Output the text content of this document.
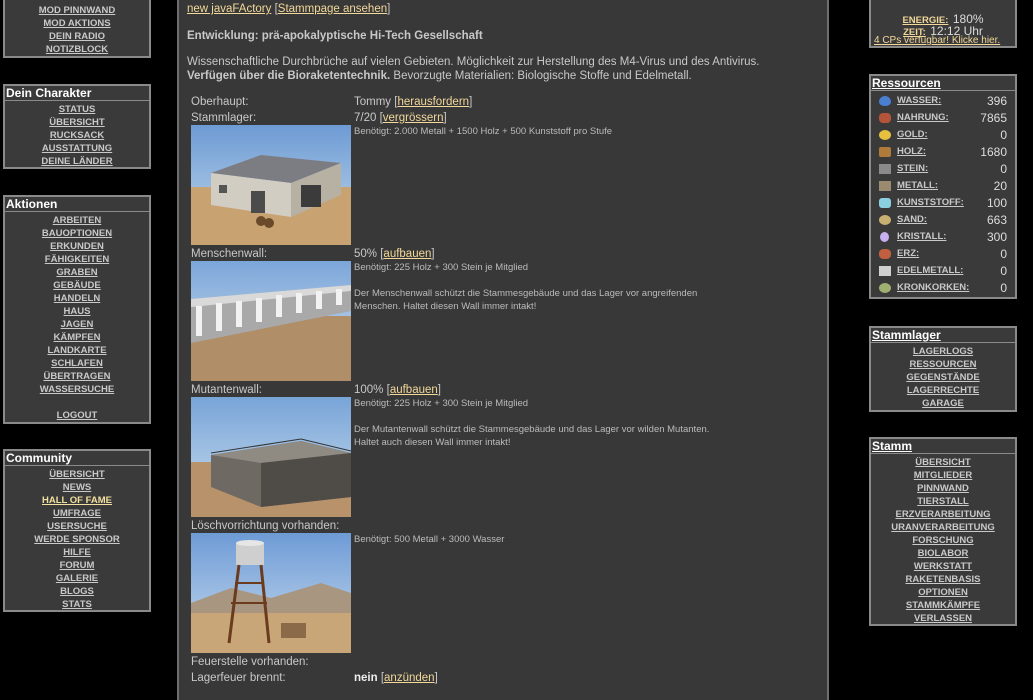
MOD PINNWAND
MOD AKTIONS
DEIN RADIO
NOTIZBLOCK
Dein Charakter
STATUS
ÜBERSICHT
RUCKSACK
AUSSTATTUNG
DEINE LÄNDER
Aktionen
ARBEITEN
BAUOPTIONEN
ERKUNDEN
FÄHIGKEITEN
GRABEN
GEBÄUDE
HANDELN
HAUS
JAGEN
KÄMPFEN
LANDKARTE
SCHLAFEN
ÜBERTRAGEN
WASSERSUCHE
LOGOUT
Community
ÜBERSICHT
NEWS
HALL OF FAME
UMFRAGE
USERSUCHE
WERDE SPONSOR
HILFE
FORUM
GALERIE
BLOGS
STATS
new javaFActory [Stammpage ansehen]
Entwicklung: prä-apokalyptische Hi-Tech Gesellschaft
Wissenschaftliche Durchbrüche auf vielen Gebieten. Möglichkeit zur Herstellung des M4-Virus und des Antivirus.
Verfügen über die Bioraketentechnik. Bevorzugte Materialien: Biologische Stoffe und Edelmetall.
Oberhaupt:	Tommy [herausfordern]
Stammlager:	7/20 [vergrössern]
Benötigt: 2.000 Metall + 1500 Holz + 500 Kunststoff pro Stufe
Menschenwall:	50% [aufbauen]
Benötigt: 225 Holz + 300 Stein je Mitglied
Der Menschenwall schützt die Stammesgebäude und das Lager vor angreifenden
Menschen. Haltet diesen Wall immer intakt!
Mutantenwall:	100% [aufbauen]
Benötigt: 225 Holz + 300 Stein je Mitglied
Der Mutantenwall schützt die Stammesgebäude und das Lager vor wilden Mutanten.
Haltet auch diesen Wall immer intakt!
Löschvorrichtung vorhanden:
Benötigt: 500 Metall + 3000 Wasser
Feuerstelle vorhanden:
Lagerfeuer brennt:	nein [anzünden]
ENERGIE: 180%
ZEIT: 12:12 Uhr
4 CPs verfügbar! Klicke hier.
Ressourcen
WASSER:	396
NAHRUNG:	7865
GOLD:	0
HOLZ:	1680
STEIN:	0
METALL:	20
KUNSTSTOFF: 100
SAND:	663
KRISTALL:	300
ERZ:	0
EDELMETALL:	0
KRONKORKEN:	0
Stammlager
LAGERLOGS
RESSOURCEN
GEGENSTÄNDE
LAGERRECHTE
GARAGE
Stamm
ÜBERSICHT
MITGLIEDER
PINNWAND
TIERSTALL
ERZVERARBEITUNG
URANVERARBEITUNG
FORSCHUNG
BIOLABOR
WERKSTATT
RAKETENBASIS
OPTIONEN
STAMMKÄMPFE
VERLASSEN
